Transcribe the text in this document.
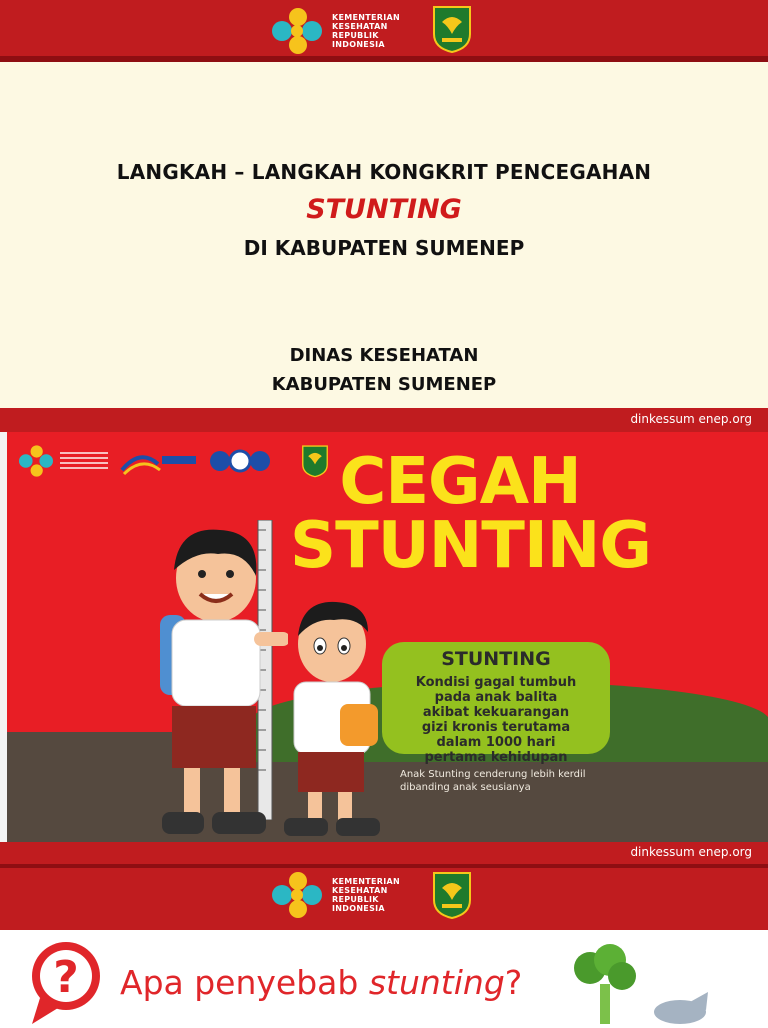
KEMENTERIAN
KESEHATAN
REPUBLIK
INDONESIA
LANGKAH – LANGKAH KONGKRIT PENCEGAHAN
STUNTING
DI KABUPATEN SUMENEP
DINAS KESEHATAN
KABUPATEN SUMENEP
dinkessum enep.org
CEGAH
STUNTING
STUNTING
Kondisi gagal tumbuh
pada anak balita
akibat kekuarangan
gizi kronis terutama
dalam 1000 hari
pertama kehidupan
Anak Stunting cenderung lebih kerdil dibanding anak seusianya
dinkessum enep.org
KEMENTERIAN
KESEHATAN
REPUBLIK
INDONESIA
? Apa penyebab stunting?
